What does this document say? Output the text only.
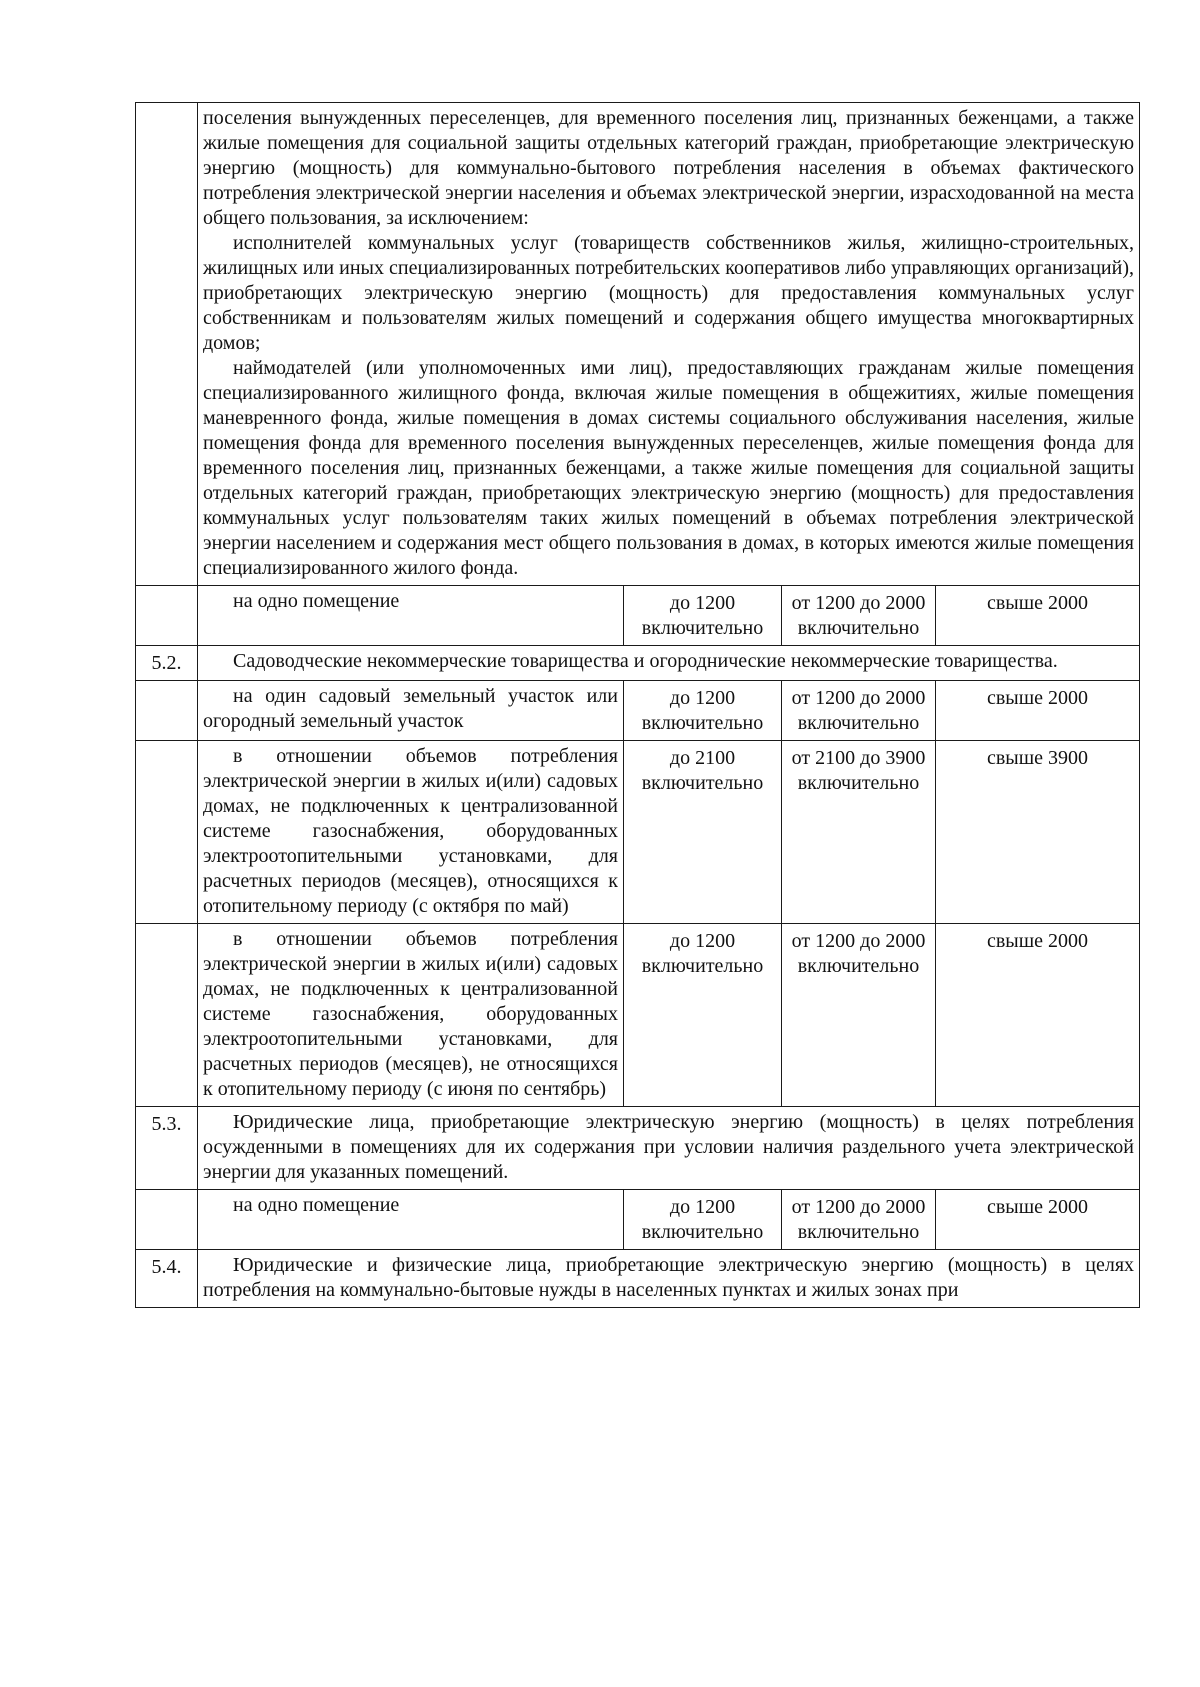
	поселения вынужденных переселенцев, для временного поселения лиц, признанных беженцами, а также жилые помещения для социальной защиты отдельных категорий граждан, приобретающие электрическую энергию (мощность) для коммунально-бытового потребления населения в объемах фактического потребления электрической энергии населения и объемах электрической энергии, израсходованной на места общего пользования, за исключением:

исполнителей коммунальных услуг (товариществ собственников жилья, жилищно-строительных, жилищных или иных специализированных потребительских кооперативов либо управляющих организаций), приобретающих электрическую энергию (мощность) для предоставления коммунальных услуг собственникам и пользователям жилых помещений и содержания общего имущества многоквартирных домов;

наймодателей (или уполномоченных ими лиц), предоставляющих гражданам жилые помещения специализированного жилищного фонда, включая жилые помещения в общежитиях, жилые помещения маневренного фонда, жилые помещения в домах системы социального обслуживания населения, жилые помещения фонда для временного поселения вынужденных переселенцев, жилые помещения фонда для временного поселения лиц, признанных беженцами, а также жилые помещения для социальной защиты отдельных категорий граждан, приобретающих электрическую энергию (мощность) для предоставления коммунальных услуг пользователям таких жилых помещений в объемах потребления электрической энергии населением и содержания мест общего пользования в домах, в которых имеются жилые помещения специализированного жилого фонда.			

	на одно помещение	до 1200 включительно	от 1200 до 2000 включительно	свыше 2000
5.2.	Садоводческие некоммерческие товарищества и огороднические некоммерческие товарищества.			
	на один садовый земельный участок или огородный земельный участок	до 1200 включительно	от 1200 до 2000 включительно	свыше 2000
	в отношении объемов потребления электрической энергии в жилых и(или) садовых домах, не подключенных к централизованной системе газоснабжения, оборудованных электроотопительными установками, для расчетных периодов (месяцев), относящихся к отопительному периоду (с октября по май)	до 2100 включительно	от 2100 до 3900 включительно	свыше 3900
	в отношении объемов потребления электрической энергии в жилых и(или) садовых домах, не подключенных к централизованной системе газоснабжения, оборудованных электроотопительными установками, для расчетных периодов (месяцев), не относящихся к отопительному периоду (с июня по сентябрь)	до 1200 включительно	от 1200 до 2000 включительно	свыше 2000
5.3.	Юридические лица, приобретающие электрическую энергию (мощность) в целях потребления осужденными в помещениях для их содержания при условии наличия раздельного учета электрической энергии для указанных помещений.			
	на одно помещение	до 1200 включительно	от 1200 до 2000 включительно	свыше 2000
5.4.	Юридические и физические лица, приобретающие электрическую энергию (мощность) в целях потребления на коммунально-бытовые нужды в населенных пунктах и жилых зонах при			
